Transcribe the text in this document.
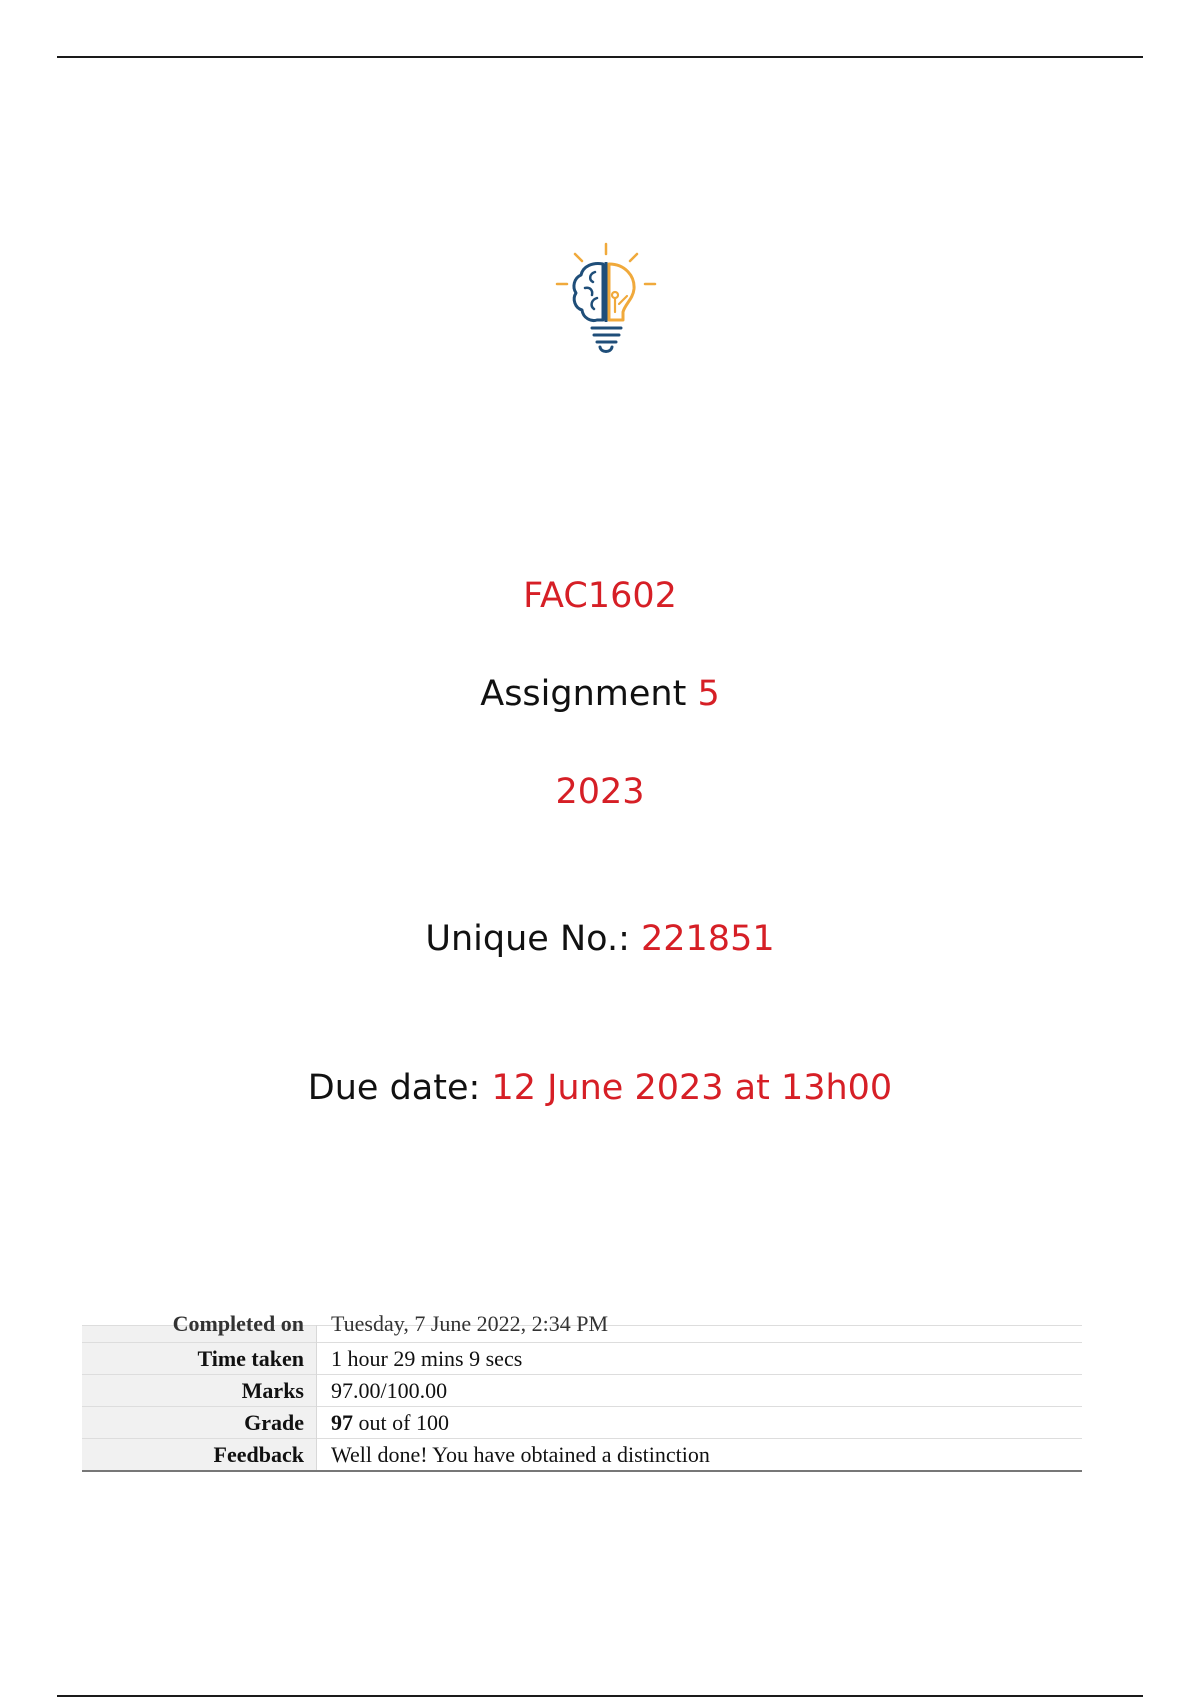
FAC1602
Assignment 5
2023
Unique No.: 221851
Due date: 12 June 2023 at 13h00
Completed on	Tuesday, 7 June 2022, 2:34 PM

Time taken	1 hour 29 mins 9 secs
Marks	97.00/100.00
Grade	97 out of 100
Feedback	Well done! You have obtained a distinction
